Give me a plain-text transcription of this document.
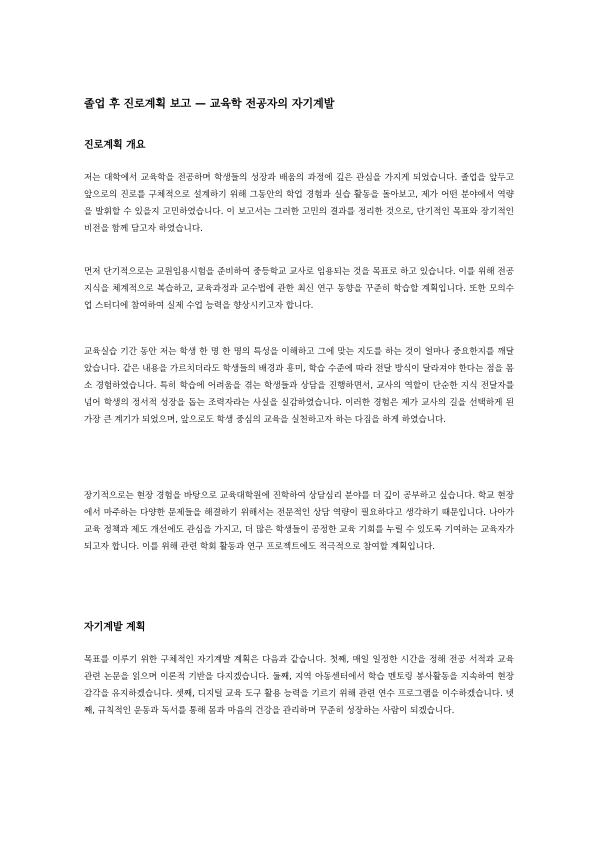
졸업 후 진로계획 보고 — 교육학 전공자의 자기계발
진로계획 개요
저는 대학에서 교육학을 전공하며 학생들의 성장과 배움의 과정에 깊은 관심을 가지게 되었습니다. 졸업을 앞두고 앞으로의 진로를 구체적으로 설계하기 위해 그동안의 학업 경험과 실습 활동을 돌아보고, 제가 어떤 분야에서 역량을 발휘할 수 있을지 고민하였습니다. 이 보고서는 그러한 고민의 결과를 정리한 것으로, 단기적인 목표와 장기적인 비전을 함께 담고자 하였습니다.
먼저 단기적으로는 교원임용시험을 준비하여 중등학교 교사로 임용되는 것을 목표로 하고 있습니다. 이를 위해 전공 지식을 체계적으로 복습하고, 교육과정과 교수법에 관한 최신 연구 동향을 꾸준히 학습할 계획입니다. 또한 모의수업 스터디에 참여하여 실제 수업 능력을 향상시키고자 합니다.
교육실습 기간 동안 저는 학생 한 명 한 명의 특성을 이해하고 그에 맞는 지도를 하는 것이 얼마나 중요한지를 깨달았습니다. 같은 내용을 가르치더라도 학생들의 배경과 흥미, 학습 수준에 따라 전달 방식이 달라져야 한다는 점을 몸소 경험하였습니다. 특히 학습에 어려움을 겪는 학생들과 상담을 진행하면서, 교사의 역할이 단순한 지식 전달자를 넘어 학생의 정서적 성장을 돕는 조력자라는 사실을 실감하였습니다. 이러한 경험은 제가 교사의 길을 선택하게 된 가장 큰 계기가 되었으며, 앞으로도 학생 중심의 교육을 실천하고자 하는 다짐을 하게 하였습니다.
장기적으로는 현장 경험을 바탕으로 교육대학원에 진학하여 상담심리 분야를 더 깊이 공부하고 싶습니다. 학교 현장에서 마주하는 다양한 문제들을 해결하기 위해서는 전문적인 상담 역량이 필요하다고 생각하기 때문입니다. 나아가 교육 정책과 제도 개선에도 관심을 가지고, 더 많은 학생들이 공정한 교육 기회를 누릴 수 있도록 기여하는 교육자가 되고자 합니다. 이를 위해 관련 학회 활동과 연구 프로젝트에도 적극적으로 참여할 계획입니다.
자기계발 계획
목표를 이루기 위한 구체적인 자기계발 계획은 다음과 같습니다. 첫째, 매일 일정한 시간을 정해 전공 서적과 교육 관련 논문을 읽으며 이론적 기반을 다지겠습니다. 둘째, 지역 아동센터에서 학습 멘토링 봉사활동을 지속하여 현장 감각을 유지하겠습니다. 셋째, 디지털 교육 도구 활용 능력을 기르기 위해 관련 연수 프로그램을 이수하겠습니다. 넷째, 규칙적인 운동과 독서를 통해 몸과 마음의 건강을 관리하며 꾸준히 성장하는 사람이 되겠습니다.
